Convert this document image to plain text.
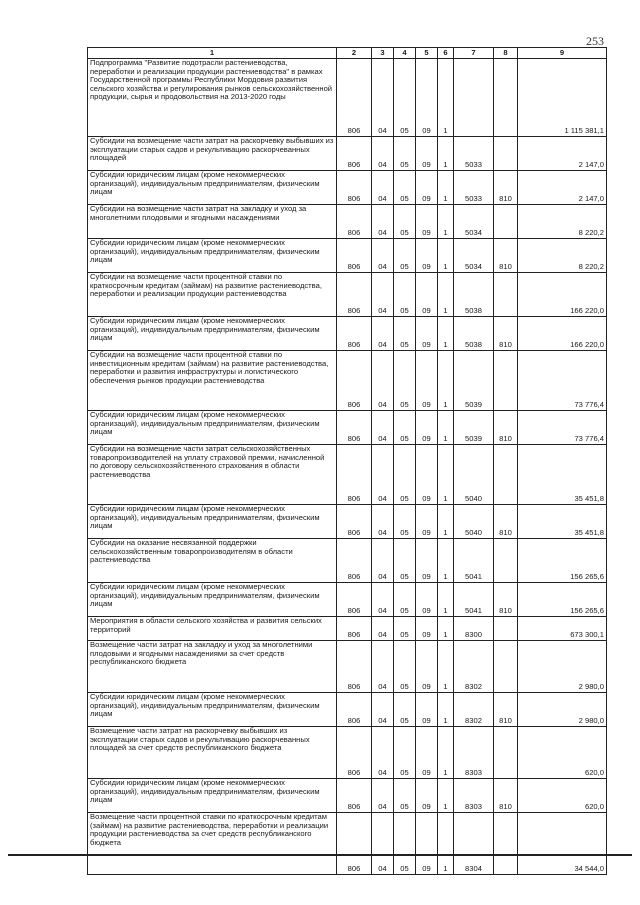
253
1	2	3	4	5	6	7	8	9
Подпрограмма "Развитие подотрасли растениеводства, переработки и реализации продукции растениеводства" в рамках Государственной программы Республики Мордовия развития сельского хозяйства и регулирования рынков сельскохозяйственной продукции, сырья и продовольствия на 2013-2020 годы	806	04	05	09	1			1 115 381,1
Субсидии на возмещение части затрат на раскорчевку выбывших из эксплуатации старых садов и рекультивацию раскорчеванных площадей	806	04	05	09	1	5033		2 147,0
Субсидии юридическим лицам (кроме некоммерческих организаций), индивидуальным предпринимателям, физическим лицам	806	04	05	09	1	5033	810	2 147,0
Субсидии на возмещение части затрат на закладку и уход за многолетними плодовыми и ягодными насаждениями	806	04	05	09	1	5034		8 220,2
Субсидии юридическим лицам (кроме некоммерческих организаций), индивидуальным предпринимателям, физическим лицам	806	04	05	09	1	5034	810	8 220,2
Субсидии на возмещение части процентной ставки по краткосрочным кредитам (займам) на развитие растениеводства, переработки и реализации продукции растениеводства	806	04	05	09	1	5038		166 220,0
Субсидии юридическим лицам (кроме некоммерческих организаций), индивидуальным предпринимателям, физическим лицам	806	04	05	09	1	5038	810	166 220,0
Субсидии на возмещение части процентной ставки по инвестиционным кредитам (займам) на развитие растениеводства, переработки и развития инфраструктуры и логистического обеспечения рынков продукции растениеводства	806	04	05	09	1	5039		73 776,4
Субсидии юридическим лицам (кроме некоммерческих организаций), индивидуальным предпринимателям, физическим лицам	806	04	05	09	1	5039	810	73 776,4
Субсидии на возмещение части затрат сельскохозяйственных товаропроизводителей на уплату страховой премии, начисленной по договору сельскохозяйственного страхования в области растениеводства	806	04	05	09	1	5040		35 451,8
Субсидии юридическим лицам (кроме некоммерческих организаций), индивидуальным предпринимателям, физическим лицам	806	04	05	09	1	5040	810	35 451,8
Субсидии на оказание несвязанной поддержки сельскохозяйственным товаропроизводителям в области растениеводства	806	04	05	09	1	5041		156 265,6
Субсидии юридическим лицам (кроме некоммерческих организаций), индивидуальным предпринимателям, физическим лицам	806	04	05	09	1	5041	810	156 265,6
Мероприятия в области сельского хозяйства и развития сельских территорий	806	04	05	09	1	8300		673 300,1
Возмещение части затрат на закладку и уход за многолетними плодовыми и ягодными насаждениями за счет средств республиканского бюджета	806	04	05	09	1	8302		2 980,0
Субсидии юридическим лицам (кроме некоммерческих организаций), индивидуальным предпринимателям, физическим лицам	806	04	05	09	1	8302	810	2 980,0
Возмещение части затрат на раскорчевку выбывших из эксплуатации старых садов и рекультивацию раскорчеванных площадей за счет средств республиканского бюджета	806	04	05	09	1	8303		620,0
Субсидии юридическим лицам (кроме некоммерческих организаций), индивидуальным предпринимателям, физическим лицам	806	04	05	09	1	8303	810	620,0
Возмещение части процентной ставки по краткосрочным кредитам (займам) на развитие растениеводства, переработки и реализации продукции растениеводства за счет средств республиканского бюджета	806	04	05	09	1	8304		34 544,0
